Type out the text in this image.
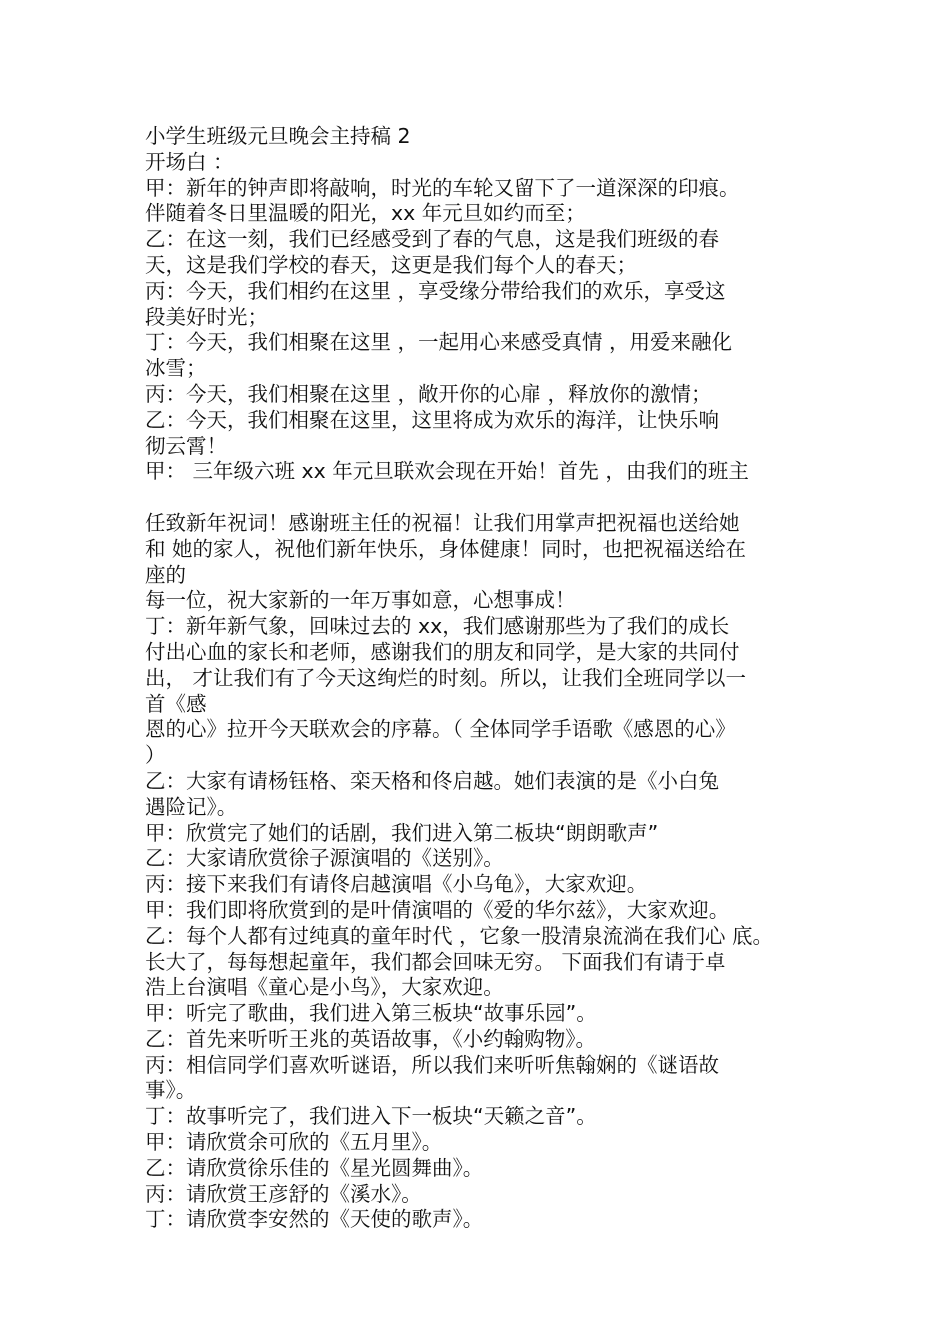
小学生班级元旦晚会主持稿 2
开场白 ：
甲：新年的钟声即将敲响，时光的车轮又留下了一道深深的印痕。
伴随着冬日里温暖的阳光，xx 年元旦如约而至；
乙：在这一刻，我们已经感受到了春的气息，这是我们班级的春
天，这是我们学校的春天，这更是我们每个人的春天；
丙：今天，我们相约在这里 ，享受缘分带给我们的欢乐，享受这
段美好时光；
丁：今天，我们相聚在这里 ，一起用心来感受真情 ，用爱来融化
冰雪；
丙：今天，我们相聚在这里 ，敞开你的心扉 ，释放你的激情；
乙：今天，我们相聚在这里，这里将成为欢乐的海洋，让快乐响
彻云霄！
甲： 三年级六班 xx 年元旦联欢会现在开始！首先 ，由我们的班主
任致新年祝词！感谢班主任的祝福！让我们用掌声把祝福也送给她
和 她的家人，祝他们新年快乐，身体健康！同时，也把祝福送给在
座的
每一位，祝大家新的一年万事如意，心想事成！
丁：新年新气象，回味过去的 xx，我们感谢那些为了我们的成长
付出心血的家长和老师，感谢我们的朋友和同学，是大家的共同付
出， 才让我们有了今天这绚烂的时刻。所以，让我们全班同学以一
首《感
恩的心》拉开今天联欢会的序幕。（ 全体同学手语歌《感恩的心》
）
乙：大家有请杨钰格、栾天格和佟启越。她们表演的是《小白兔
遇险记》。
甲：欣赏完了她们的话剧，我们进入第二板块“朗朗歌声”
乙：大家请欣赏徐子源演唱的《送别》。
丙：接下来我们有请佟启越演唱《小乌龟》，大家欢迎。
甲：我们即将欣赏到的是叶倩演唱的《爱的华尔兹》，大家欢迎。
乙：每个人都有过纯真的童年时代 ，它象一股清泉流淌在我们心 底。
长大了，每每想起童年，我们都会回味无穷。 下面我们有请于卓
浩上台演唱《童心是小鸟》，大家欢迎。
甲：听完了歌曲，我们进入第三板块“故事乐园”。
乙：首先来听听王兆的英语故事，《小约翰购物》。
丙：相信同学们喜欢听谜语，所以我们来听听焦翰娴的《谜语故
事》。
丁：故事听完了，我们进入下一板块“天籁之音”。
甲：请欣赏余可欣的《五月里》。
乙：请欣赏徐乐佳的《星光圆舞曲》。
丙：请欣赏王彦舒的《溪水》。
丁：请欣赏李安然的《天使的歌声》。
